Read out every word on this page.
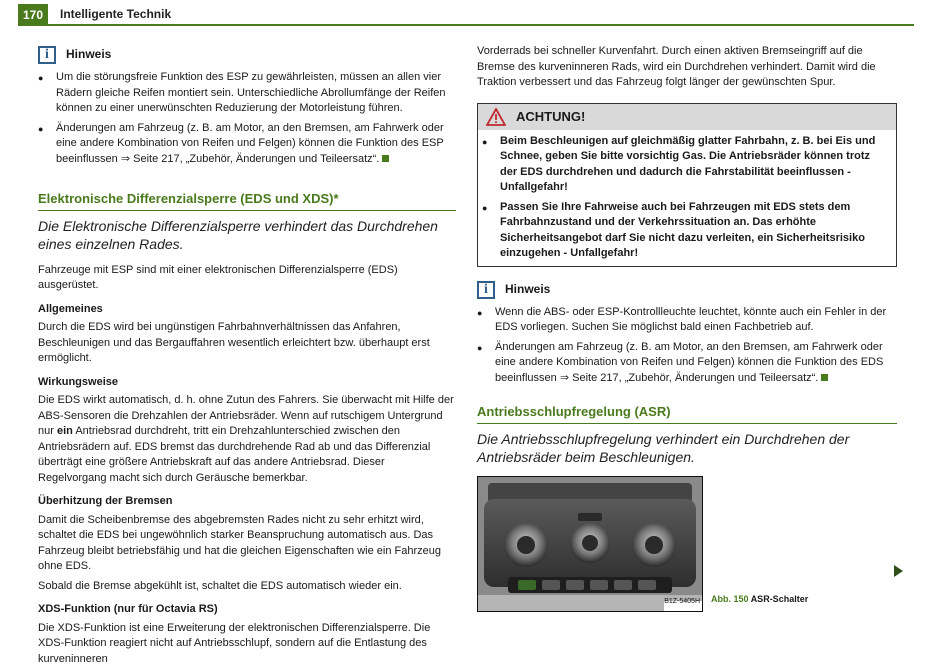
170	Intelligente Technik
i	Hinweis
●	Um die störungsfreie Funktion des ESP zu gewährleisten, müssen an allen vier Rädern gleiche Reifen montiert sein. Unterschiedliche Abrollumfänge der Reifen können zu einer unerwünschten Reduzierung der Motorleistung führen.

●	Änderungen am Fahrzeug (z. B. am Motor, an den Bremsen, am Fahrwerk oder eine andere Kombination von Reifen und Felgen) können die Funktion des ESP beeinflussen ⇒ Seite 217, „Zubehör, Änderungen und Teileersatz“.

Elektronische Differenzialsperre (EDS und XDS)*
Die Elektronische Differenzialsperre verhindert das Durchdrehen eines einzelnen Rades.

Fahrzeuge mit ESP sind mit einer elektronischen Differenzialsperre (EDS) ausgerüstet.

Allgemeines

Durch die EDS wird bei ungünstigen Fahrbahnverhältnissen das Anfahren, Beschleunigen und das Bergauffahren wesentlich erleichtert bzw. überhaupt erst ermöglicht.

Wirkungsweise

Die EDS wirkt automatisch, d. h. ohne Zutun des Fahrers. Sie überwacht mit Hilfe der ABS-Sensoren die Drehzahlen der Antriebsräder. Wenn auf rutschigem Untergrund nur ein Antriebsrad durchdreht, tritt ein Drehzahlunterschied zwischen den Antriebsrädern auf. EDS bremst das durchdrehende Rad ab und das Differenzial überträgt eine größere Antriebskraft auf das andere Antriebsrad. Dieser Regelvorgang macht sich durch Geräusche bemerkbar.

Überhitzung der Bremsen

Damit die Scheibenbremse des abgebremsten Rades nicht zu sehr erhitzt wird, schaltet die EDS bei ungewöhnlich starker Beanspruchung automatisch aus. Das Fahrzeug bleibt betriebsfähig und hat die gleichen Eigenschaften wie ein Fahrzeug ohne EDS.

Sobald die Bremse abgekühlt ist, schaltet die EDS automatisch wieder ein.

XDS-Funktion (nur für Octavia RS)

Die XDS-Funktion ist eine Erweiterung der elektronischen Differenzialsperre. Die XDS-Funktion reagiert nicht auf Antriebsschlupf, sondern auf die Entlastung des kurveninneren

Vorderrads bei schneller Kurvenfahrt. Durch einen aktiven Bremseingriff auf die Bremse des kurveninneren Rads, wird ein Durchdrehen verhindert. Damit wird die Traktion verbessert und das Fahrzeug folgt länger der gewünschten Spur.

ACHTUNG!
●	Beim Beschleunigen auf gleichmäßig glatter Fahrbahn, z. B. bei Eis und Schnee, geben Sie bitte vorsichtig Gas. Die Antriebsräder können trotz der EDS durchdrehen und dadurch die Fahrstabilität beeinflussen - Unfallgefahr!

●	Passen Sie Ihre Fahrweise auch bei Fahrzeugen mit EDS stets dem Fahrbahnzustand und der Verkehrssituation an. Das erhöhte Sicherheitsangebot darf Sie nicht dazu verleiten, ein Sicherheitsrisiko einzugehen - Unfallgefahr!

i	Hinweis
●	Wenn die ABS- oder ESP-Kontrollleuchte leuchtet, könnte auch ein Fehler in der EDS vorliegen. Suchen Sie möglichst bald einen Fachbetrieb auf.

●	Änderungen am Fahrzeug (z. B. am Motor, an den Bremsen, am Fahrwerk oder eine andere Kombination von Reifen und Felgen) können die Funktion des EDS beeinflussen ⇒ Seite 217, „Zubehör, Änderungen und Teileersatz“.

Antriebsschlupfregelung (ASR)
Die Antriebsschlupfregelung verhindert ein Durchdrehen der Antriebsräder beim Beschleunigen.
B1Z-5405H Abb. 150 ASR-Schalter
